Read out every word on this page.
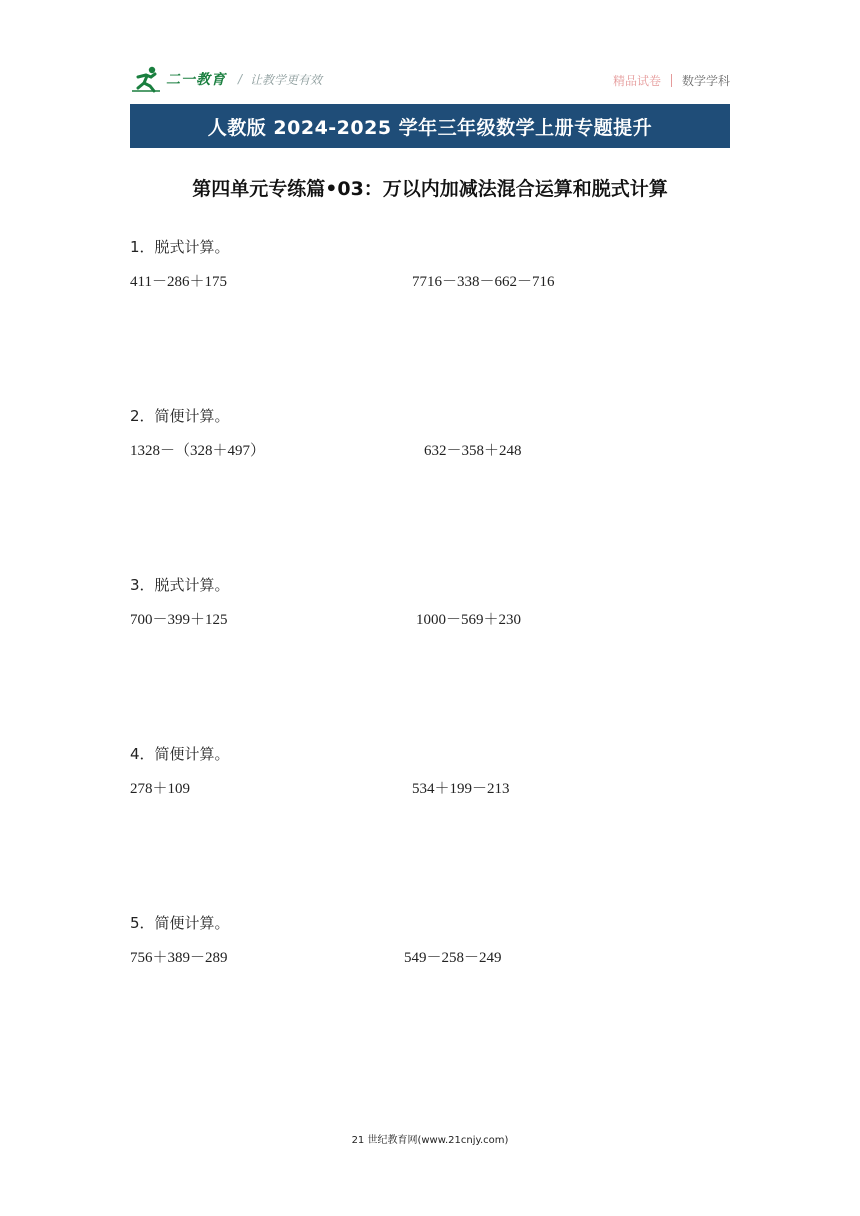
二一教育 / 让教学更有效	精品试卷 数学学科
人教版 2024-2025 学年三年级数学上册专题提升
第四单元专练篇•03：万以内加减法混合运算和脱式计算
1．脱式计算。
411－286＋175	7716－338－662－716
2．简便计算。
1328－（328＋497）	632－358＋248
3．脱式计算。
700－399＋125	1000－569＋230
4．简便计算。
278＋109	534＋199－213
5．简便计算。
756＋389－289	549－258－249
21 世纪教育网(www.21cnjy.com)
